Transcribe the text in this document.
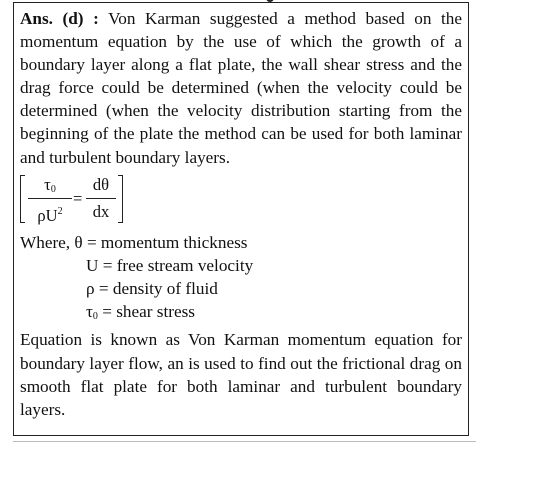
Ans. (d) : Von Karman suggested a method based on the momentum equation by the use of which the growth of a boundary layer along a flat plate, the wall shear stress and the drag force could be determined (when the velocity could be determined (when the velocity distribution starting from the beginning of the plate the method can be used for both laminar and turbulent boundary layers.

$\tau_0$
$\rho U^2$
=
dθ
dx

Where, θ = momentum thickness

U = free stream velocity

ρ = density of fluid

$\tau_0$ = shear stress

Equation is known as Von Karman momentum equation for boundary layer flow, an is used to find out the frictional drag on smooth flat plate for both laminar and turbulent boundary layers.
